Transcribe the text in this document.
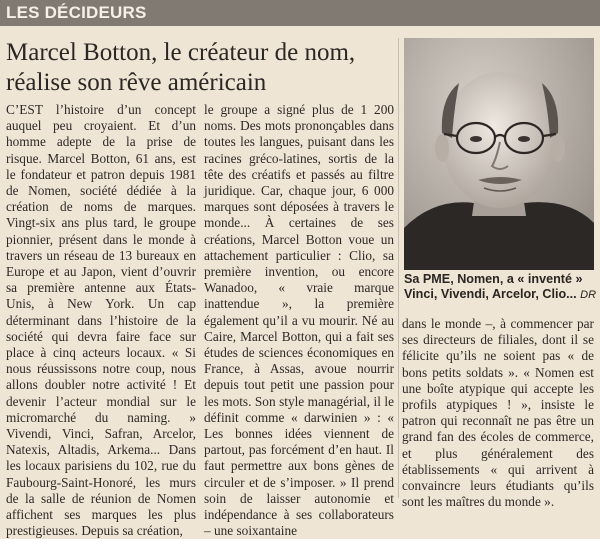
LES DÉCIDEURS
Marcel Botton, le créateur de nom, réalise son rêve américain

C’EST l’histoire d’un concept auquel peu croyaient. Et d’un homme adepte de la prise de risque. Marcel Botton, 61 ans, est le fondateur et patron depuis 1981 de Nomen, société dédiée à la création de noms de marques. Vingt-six ans plus tard, le groupe pionnier, présent dans le monde à travers un réseau de 13 bureaux en Europe et au Japon, vient d’ouvrir sa première antenne aux États-Unis, à New York. Un cap déterminant dans l’histoire de la société qui devra faire face sur place à cinq acteurs locaux. « Si nous réussissons notre coup, nous allons doubler notre activité ! Et devenir l’acteur mondial sur le micromarché du naming. » Vivendi, Vinci, Safran, Arcelor, Natexis, Altadis, Arkema... Dans les locaux parisiens du 102, rue du Faubourg-Saint-Honoré, les murs de la salle de réunion de Nomen affichent ses marques les plus prestigieuses. Depuis sa création,

le groupe a signé plus de 1 200 noms. Des mots prononçables dans toutes les langues, puisant dans les racines gréco-latines, sortis de la tête des créatifs et passés au filtre juridique. Car, chaque jour, 6 000 marques sont déposées à travers le monde... À certaines de ses créations, Marcel Botton voue un attachement particulier : Clio, sa première invention, ou encore Wanadoo, « vraie marque inattendue », la première également qu’il a vu mourir. Né au Caire, Marcel Botton, qui a fait ses études de sciences économiques en France, à Assas, avoue nourrir depuis tout petit une passion pour les mots. Son style managérial, il le définit comme « darwinien » : « Les bonnes idées viennent de partout, pas forcément d’en haut. Il faut permettre aux bons gènes de circuler et de s’imposer. » Il prend soin de laisser autonomie et indépendance à ses collaborateurs – une soixantaine

Sa PME, Nomen, a « inventé » Vinci, Vivendi, Arcelor, Clio... DR

dans le monde –, à commencer par ses directeurs de filiales, dont il se félicite qu’ils ne soient pas « de bons petits soldats ». « Nomen est une boîte atypique qui accepte les profils atypiques ! », insiste le patron qui reconnaît ne pas être un grand fan des écoles de commerce, et plus généralement des établissements « qui arrivent à convaincre leurs étudiants qu’ils sont les maîtres du monde ».
